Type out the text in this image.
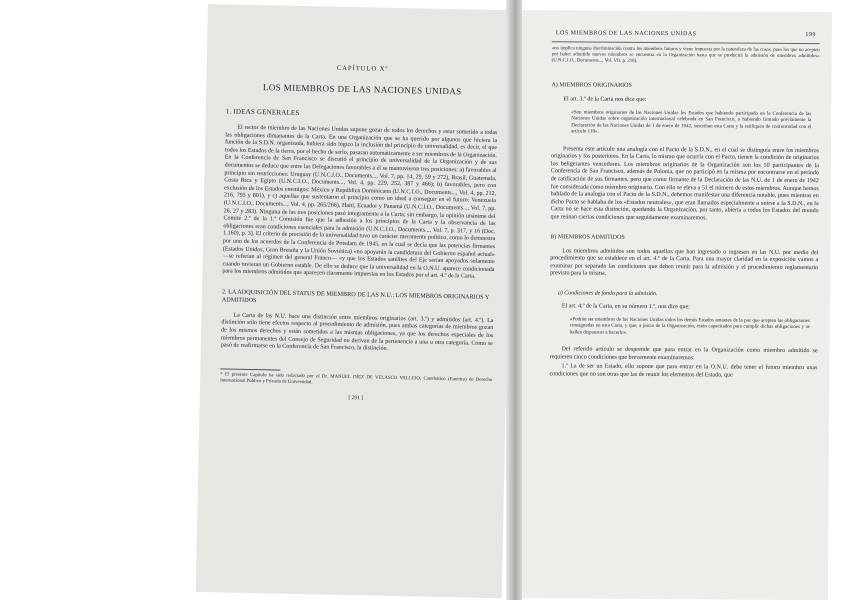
CAPÍTULO Xº
LOS MIEMBROS DE LAS NACIONES UNIDAS
1. IDEAS GENERALES

El rector de miembro de las Naciones Unidas supone gozar de todos los derechos y estar sometido a todas las obligaciones dimanantes de la Carta. En una Organización que se ha querido por algunos que hiciera la función de la S.D.N. organizada, hubiera sido lógico la inclusión del principio de universalidad, es decir, el que todos los Estados de la tierra, por el hecho de serlo, pasaran automáticamente a ser miembros de la Organización. En la Conferencia de San Francisco se discutió el principio de universalidad de la Organización y de sus documentos se deduce que entre las Delegaciones favorables a él se mantuvieron tres posiciones: a) favorables al principio sin restricciones: Uruguay (U.N.C.I.O., Documents..., Vol. 7, pp. 14, 29, 59 y 272), Brasil, Guatemala, Costa Rica y Egipto (U.N.C.I.O., Documents..., Vol. 4, pp. 229, 252, 387 y 466); b) favorables, pero con exclusión de los Estados enemigos: México y República Dominicana (U.N.C.I.O., Documents..., Vol. 4, pp. 212, 216, 795 y 801), y c) aquellas que sustentaron el principio como un ideal a conseguir en el futuro: Venezuela (U.N.C.I.O., Documents..., Vol. 4, pp. 265/266), Haití, Ecuador y Panamá (U.N.C.I.O., Documents..., Vol. 7, pp. 26, 27 y 283). Ninguna de las tres posiciones pasó íntegramente a la Carta; sin embargo, la opinión unánime del Comité 2.º de la 1.ª Comisión fue que la adhesión a los principios de la Carta y la observancia de las obligaciones eran condiciones esenciales para la admisión (U.N.C.I.O., Documents..., Vol. 7, p. 317, y 16 (Doc. 1.160), p. 3]. El criterio de precisión de la universalidad tuvo un carácter meramente político, como lo demuestra por uno de los acuerdos de la Conferencia de Potsdam de 1945, en la cual se decía que las potencias firmantes (Estados Unidos, Gran Bretaña y la Unión Soviética) «no apoyarán la candidatura del Gobierno español actual» —se referían al régimen del general Franco— «y que los Estados satélites del Eje serían apoyados solamente cuando tuvieran un Gobierno estable. De ello se deduce que la universalidad en la O.N.U. aparece condicionada para los miembros admitidos que aparecen claramente impuestas en los Estados por el art. 4.º de la Carta.

2. LA ADQUISICIÓN DEL STATUS DE MIEMBRO DE LAS N.U.: LOS MIEMBROS ORIGINARIOS Y ADMITIDOS

La Carta de las N.U. hace una distinción entre miembros originarios (art. 3.º) y admitidos (art. 4.º). La distinción sólo tiene efectos respecto al procedimiento de admisión, pues ambas categorías de miembros gozan de los mismos derechos y están sometidos a las mismas obligaciones, ya que los derechos especiales de los miembros permanentes del Consejo de Seguridad no derivan de la pertenencia a una u otra categoría. Como se pasó de reafirmarse en la Conferencia de San Francisco, la distinción.

* El presente Capítulo ha sido redactado por el Dr. MANUEL DÍEZ DE VELASCO VALLEJO, Catedrático (Emérito) de Derecho Internacional Público y Privado de Universidad.
[ 291 ]
LOS MIEMBROS DE LAS NACIONES UNIDAS	199
«no implica ninguna discriminación contra los miembros futuros y viene impuesta por la naturaleza de las cosas, pues los que no acepten por haber admitido nuevos miembros se encuentra en la Organización hasta que se producirá la admisión de miembros admitidos» (U.N.C.I.O., Documents..., Vol. VII, p. 218).
A) MIEMBROS ORIGINARIOS
El art. 3.º de la Carta nos dice que:
«Son miembros originarios de las Naciones Unidas los Estados que habiendo participado en la Conferencia de las Naciones Unidas sobre organización internacional celebrada en San Francisco, o habiendo firmado previamente la Declaración de las Naciones Unidas de 1 de enero de 1942, suscriban esta Carta y la ratifiquen de conformidad con el artículo 110».

Presenta este artículo una analogía con el Pacto de la S.D.N., en el cual se distinguía entre los miembros originarios y los posteriores. En la Carta, lo mismo que ocurría con el Pacto, tienen la condición de originarios los beligerantes vencedores. Los miembros originarios de la Organización son los 50 participantes de la Conferencia de San Francisco, además de Polonia, que no participó en la misma por encontrarse en el período de ratificación de sus firmantes, pero que como firmante de la Declaración de las N.U. de 1 de enero de 1942 fue considerada como miembro originario. Con ello se eleva a 51 el número de estos miembros. Aunque hemos hablado de la analogía con el Pacto de la S.D.N., debemos manifestar una diferencia notable, pues mientras en dicho Pacto se hablaba de los «Estados neutrales», que eran llamados especialmente a unirse a la S.D.N., en la Carta no se hace esta distinción, quedando la Organización, por tanto, abierta a todos los Estados del mundo que reúnan ciertas condiciones que seguidamente examinaremos.

B) MIEMBROS ADMITIDOS

Los miembros admitidos son todos aquellos que han ingresado o ingresen en las N.U. por medio del procedimiento que se establece en el art. 4.º de la Carta. Para una mayor claridad en la exposición vamos a examinar por separado las condiciones que deben reunir para la admisión y el procedimiento reglamentario previsto para la misma.

a) Condiciones de fondo para la admisión.
El art. 4.º de la Carta, en su número 1.º, nos dice que:
«Podrán ser miembros de las Naciones Unidas todos los demás Estados amantes de la paz que acepten las obligaciones consignadas en esta Carta, y que, a juicio de la Organización, estén capacitados para cumplir dichas obligaciones y se hallen dispuestos a hacerlo».

Del referido artículo se desprende que para entrar en la Organización como miembro admitido se requieren cinco condiciones que brevemente examinaremos:

1.º La de ser un Estado, ello supone que para entrar en la O.N.U. debe tener el futuro miembro unas condiciones que no son otras que las de reunir los elementos del Estado, que
